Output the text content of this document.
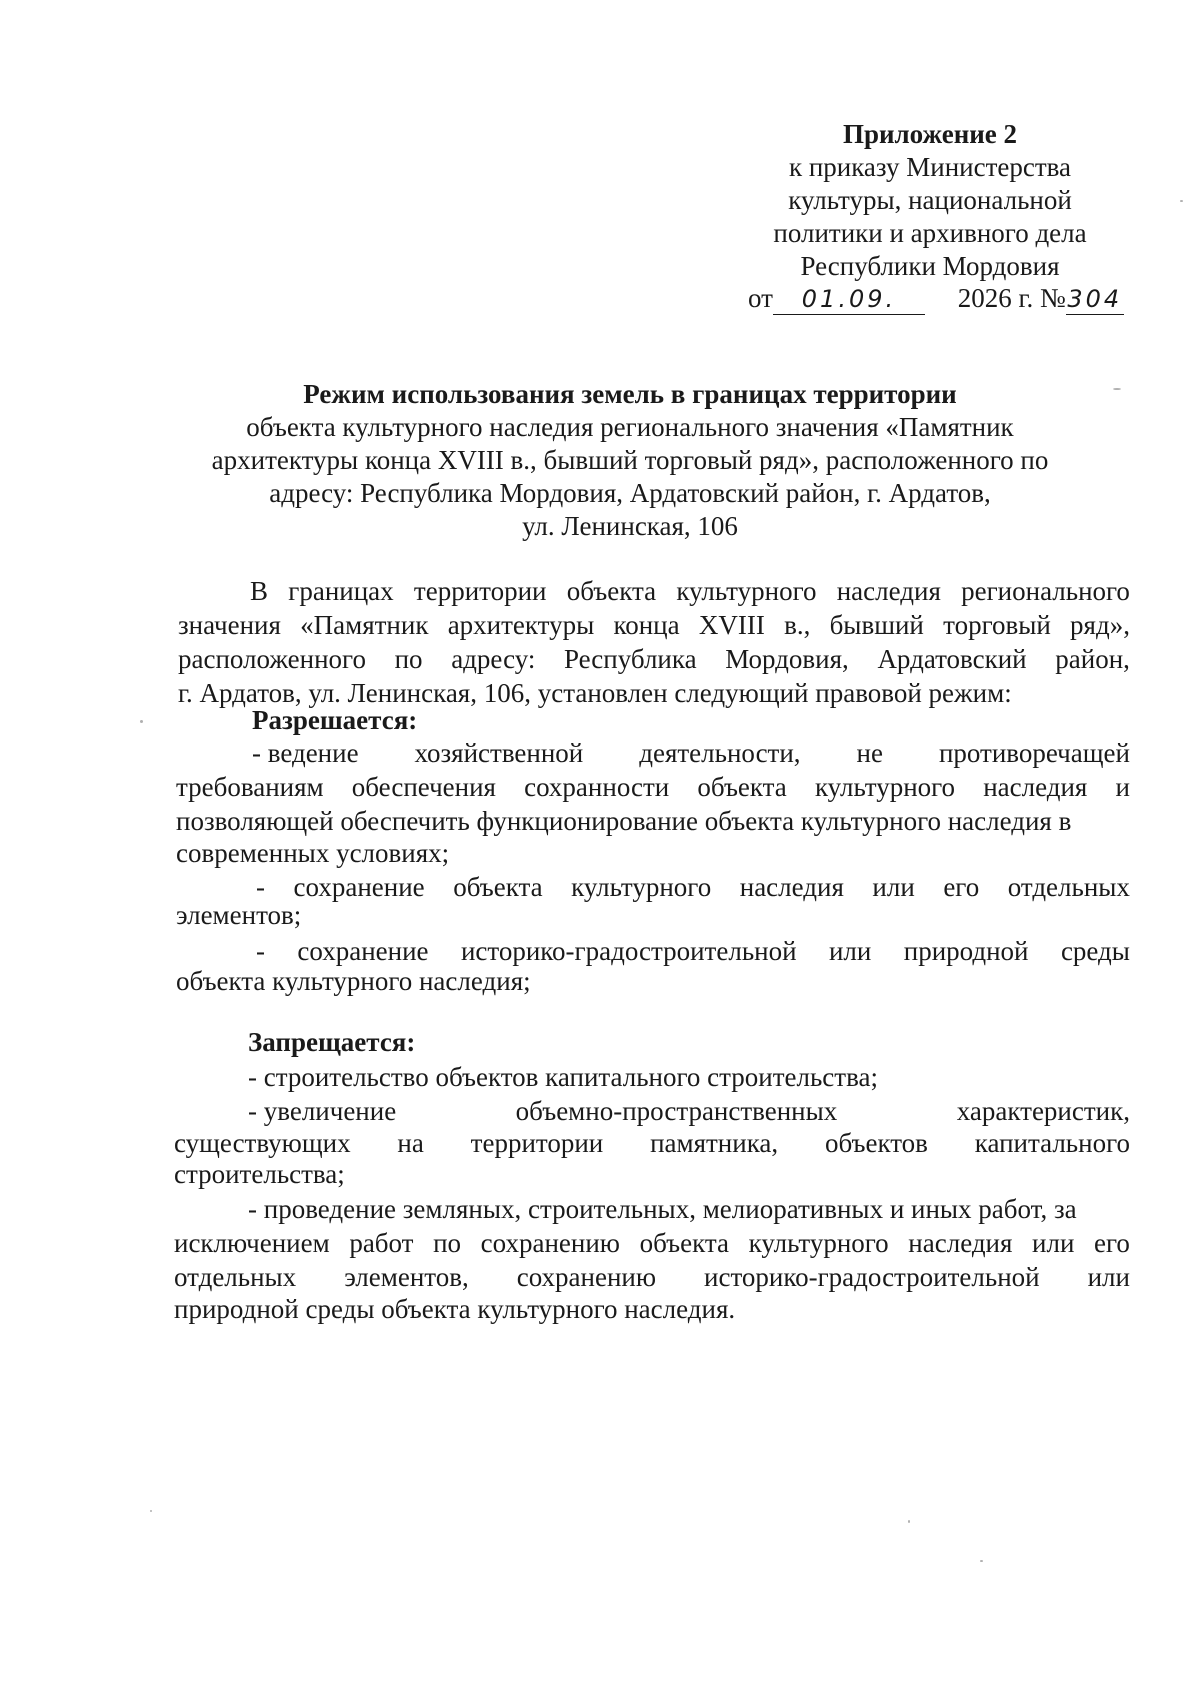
Приложение 2
к приказу Министерства
культуры, национальной
политики и архивного дела
Республики Мордовия
от 01.09. 2026 г. №304
Режим использования земель в границах территории
объекта культурного наследия регионального значения «Памятник
архитектуры конца XVIII в., бывший торговый ряд», расположенного по
адресу: Республика Мордовия, Ардатовский район, г. Ардатов,
ул. Ленинская, 106
В границах территории объекта культурного наследия регионального
значения «Памятник архитектуры конца XVIII в., бывший торговый ряд»,
расположенного по адресу: Республика Мордовия, Ардатовский район,
г. Ардатов, ул. Ленинская, 106, установлен следующий правовой режим:
Разрешается:
- ведение хозяйственной деятельности, не противоречащей
требованиям обеспечения сохранности объекта культурного наследия и
позволяющей обеспечить функционирование объекта культурного наследия в
современных условиях;
- сохранение объекта культурного наследия или его отдельных
элементов;
- сохранение историко-градостроительной или природной среды
объекта культурного наследия;
Запрещается:
- строительство объектов капитального строительства;
- увеличение	объемно-пространственных	характеристик,
существующих на территории памятника, объектов капитального
строительства;
- проведение земляных, строительных, мелиоративных и иных работ, за
исключением работ по сохранению объекта культурного наследия или его
отдельных элементов, сохранению историко-градостроительной или
природной среды объекта культурного наследия.
